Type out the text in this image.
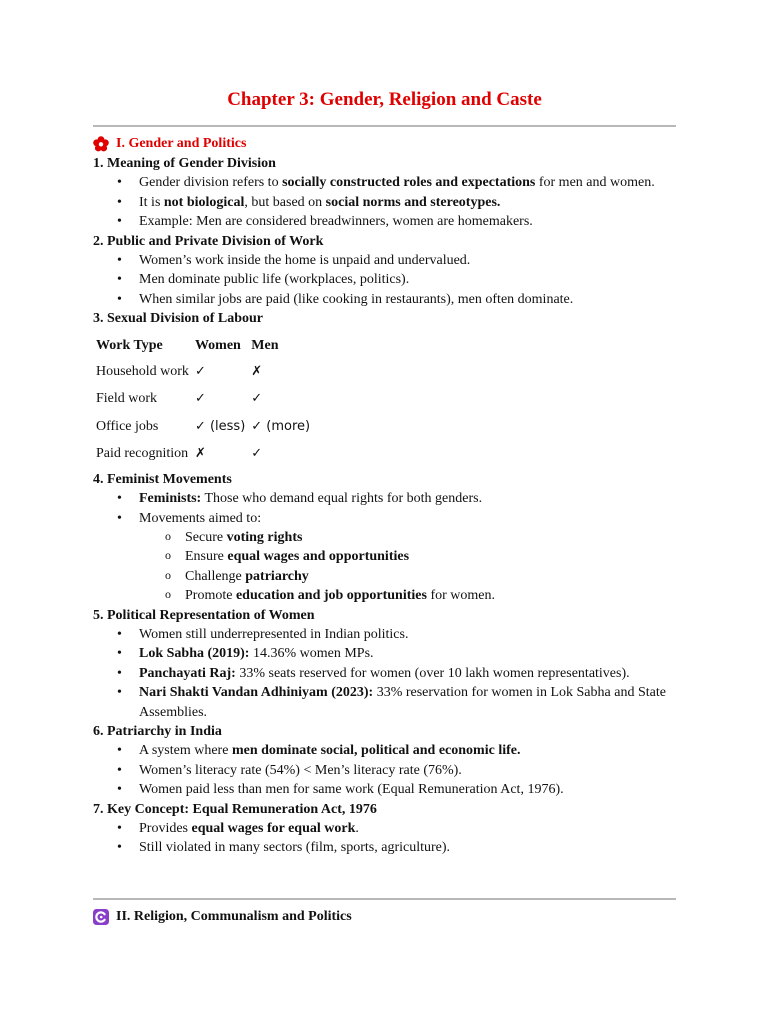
Chapter 3: Gender, Religion and Caste
I. Gender and Politics
1. Meaning of Gender Division
• Gender division refers to socially constructed roles and expectations for men and women.
• It is not biological, but based on social norms and stereotypes.
• Example: Men are considered breadwinners, women are homemakers.
2. Public and Private Division of Work
• Women’s work inside the home is unpaid and undervalued.
• Men dominate public life (workplaces, politics).
• When similar jobs are paid (like cooking in restaurants), men often dominate.
3. Sexual Division of Labour
Work Type	Women	Men
Household work	✓	✗
Field work	✓	✓
Office jobs	✓ (less)	✓ (more)
Paid recognition	✗	✓
4. Feminist Movements
• Feminists: Those who demand equal rights for both genders.
• Movements aimed to:
o Secure voting rights
o Ensure equal wages and opportunities
o Challenge patriarchy
o Promote education and job opportunities for women.
5. Political Representation of Women
• Women still underrepresented in Indian politics.
• Lok Sabha (2019): 14.36% women MPs.
• Panchayati Raj: 33% seats reserved for women (over 10 lakh women representatives).
• Nari Shakti Vandan Adhiniyam (2023): 33% reservation for women in Lok Sabha and State Assemblies.
6. Patriarchy in India
• A system where men dominate social, political and economic life.
• Women’s literacy rate (54%) < Men’s literacy rate (76%).
• Women paid less than men for same work (Equal Remuneration Act, 1976).
7. Key Concept: Equal Remuneration Act, 1976
• Provides equal wages for equal work.
• Still violated in many sectors (film, sports, agriculture).
II. Religion, Communalism and Politics
